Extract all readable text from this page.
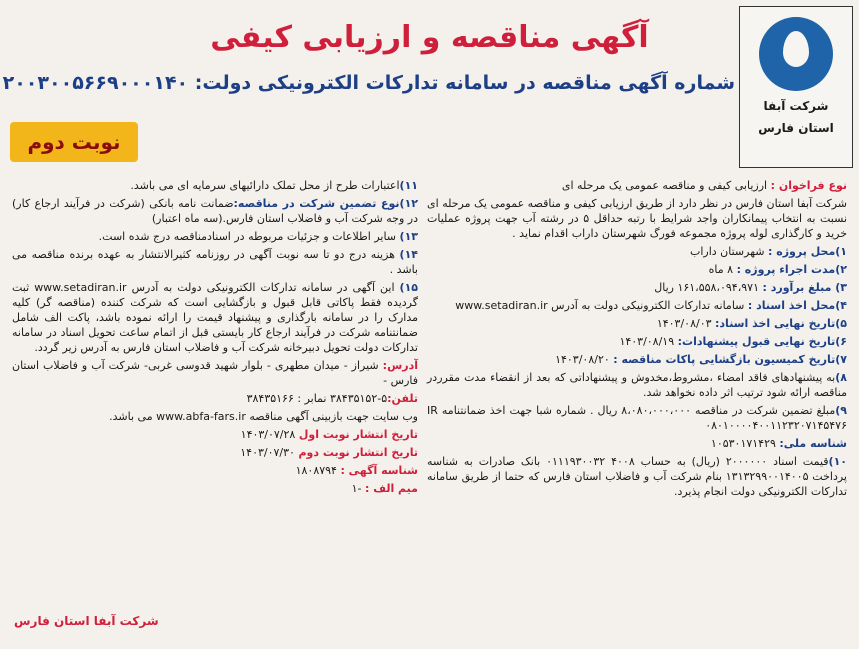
شرکت آبفا
استان فارس
آگهی مناقصه و ارزیابی کیفی
شماره آگهی مناقصه در سامانه تدارکات الکترونیکی دولت: ۲۰۰۳۰۰۵۶۶۹۰۰۰۱۴۰
نوبت دوم

نوع فراخوان : ارزیابی کیفی و مناقصه عمومی یک مرحله ای

شرکت آبفا استان فارس در نظر دارد از طریق ارزیابی کیفی و مناقصه عمومی یک مرحله ای نسبت به انتخاب پیمانکاران واجد شرایط با رتبه حداقل ۵ در رشته آب جهت پروژه عملیات خرید و کارگذاری لوله پروژه مجموعه فورگ شهرستان داراب اقدام نماید .

۱)محل پروژه : شهرستان داراب

۲)مدت اجراء پروژه : ۸ ماه

۳) مبلغ برآورد : ۱۶۱،۵۵۸،۰۹۴،۹۷۱ ریال

۴)محل اخذ اسناد : سامانه تدارکات الکترونیکی دولت به آدرس www.setadiran.ir

۵)تاریخ نهایی اخذ اسناد: ۱۴۰۳/۰۸/۰۳

۶)تاریخ نهایی قبول پیشنهادات: ۱۴۰۳/۰۸/۱۹

۷)تاریخ کمیسیون بازگشایی پاکات مناقصه : ۱۴۰۳/۰۸/۲۰

۸)به پیشنهادهای فاقد امضاء ،مشروط،مخدوش و پیشنهاداتی که بعد از انقضاء مدت مقرردر مناقصه ارائه شود ترتیب اثر داده نخواهد شد.

۹)مبلغ تضمین شرکت در مناقصه ۸،۰۸۰،۰۰۰،۰۰۰ ریال . شماره شبا جهت اخذ ضمانتنامه IR ۰۸۰۱۰۰۰۰۴۰۰۱۱۲۳۲۰۷۱۴۵۴۷۶

شناسه ملی: ۱۰۵۳۰۱۷۱۴۲۹

۱۰)قیمت اسناد ۲۰۰۰۰۰۰ (ریال) به حساب ۴۰۰۸ ۰۱۱۱۹۳۰۰۳۲ بانک صادرات به شناسه پرداخت ۱۳۱۳۲۹۹۰۰۱۴۰۰۵ بنام شرکت آب و فاضلاب استان فارس که حتما از طریق سامانه تدارکات الکترونیکی دولت انجام پذیرد.

۱۱)اعتبارات طرح از محل تملک دارائیهای سرمایه ای می باشد.

۱۲)نوع تضمین شرکت در مناقصه:ضمانت نامه بانکی (شرکت در فرآیند ارجاع کار) در وجه شرکت آب و فاضلاب استان فارس.(سه ماه اعتبار)

۱۳) سایر اطلاعات و جزئیات مربوطه در اسنادمناقصه درج شده است.

۱۴) هزینه درج دو تا سه نوبت آگهی در روزنامه کثیرالانتشار به عهده برنده مناقصه می باشد .

۱۵) این آگهی در سامانه تدارکات الکترونیکی دولت به آدرس www.setadiran.ir ثبت گردیده فقط پاکاتی قابل قبول و بازگشایی است که شرکت کننده (مناقصه گر) کلیه مدارک را در سامانه بارگذاری و پیشنهاد قیمت را ارائه نموده باشد، پاکت الف شامل ضمانتنامه شرکت در فرآیند ارجاع کار بایستی قبل از اتمام ساعت تحویل اسناد در سامانه تدارکات دولت تحویل دبیرخانه شرکت آب و فاضلاب استان فارس به آدرس زیر گردد.

آدرس: شیراز - میدان مطهری - بلوار شهید قدوسی غربی- شرکت آب و فاضلاب استان فارس -

تلفن:۵-۳۸۴۳۵۱۵۲ نمابر : ۳۸۴۳۵۱۶۶

وب سایت جهت بازبینی آگهی مناقصه www.abfa-fars.ir می باشد.

تاریخ انتشار نوبت اول ۱۴۰۳/۰۷/۲۸

تاریخ انتشار نوبت دوم ۱۴۰۳/۰۷/۳۰

شناسه آگهی : ۱۸۰۸۷۹۴

میم الف : -۱

شرکت آبفا استان فارس
